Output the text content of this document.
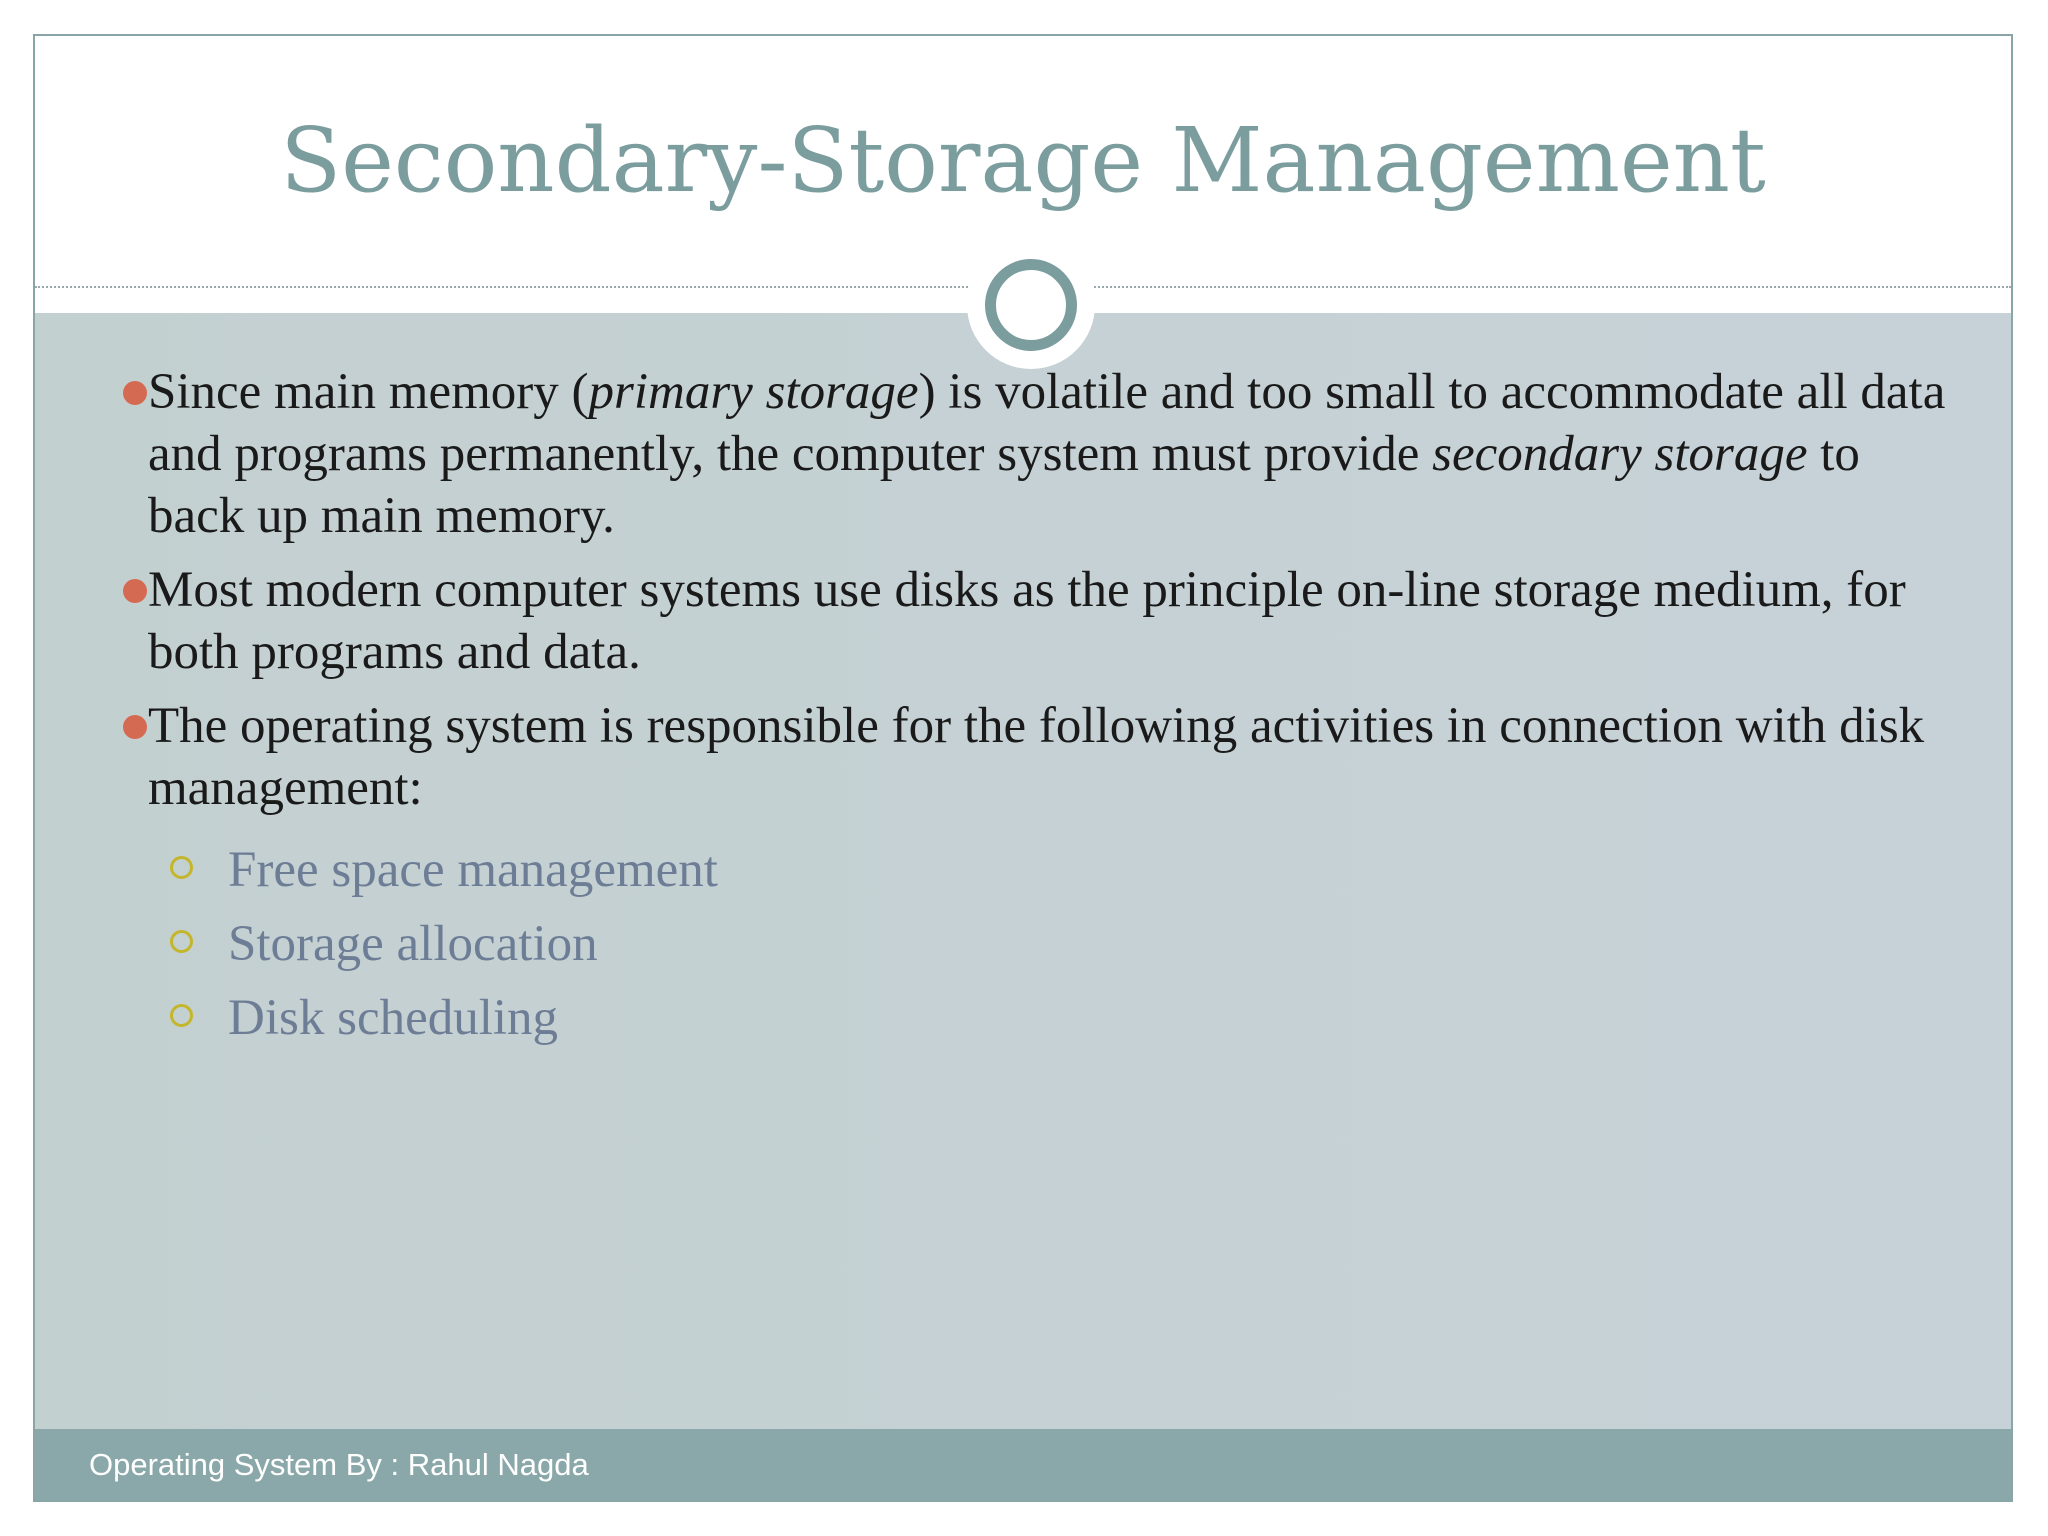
Secondary-Storage Management
Since main memory (primary storage) is volatile and too small to accommodate all data and programs permanently, the computer system must provide secondary storage to back up main memory.
Most modern computer systems use disks as the principle on-line storage medium, for both programs and data.
The operating system is responsible for the following activities in connection with disk management:
Free space management
Storage allocation
Disk scheduling
Operating System By : Rahul Nagda
